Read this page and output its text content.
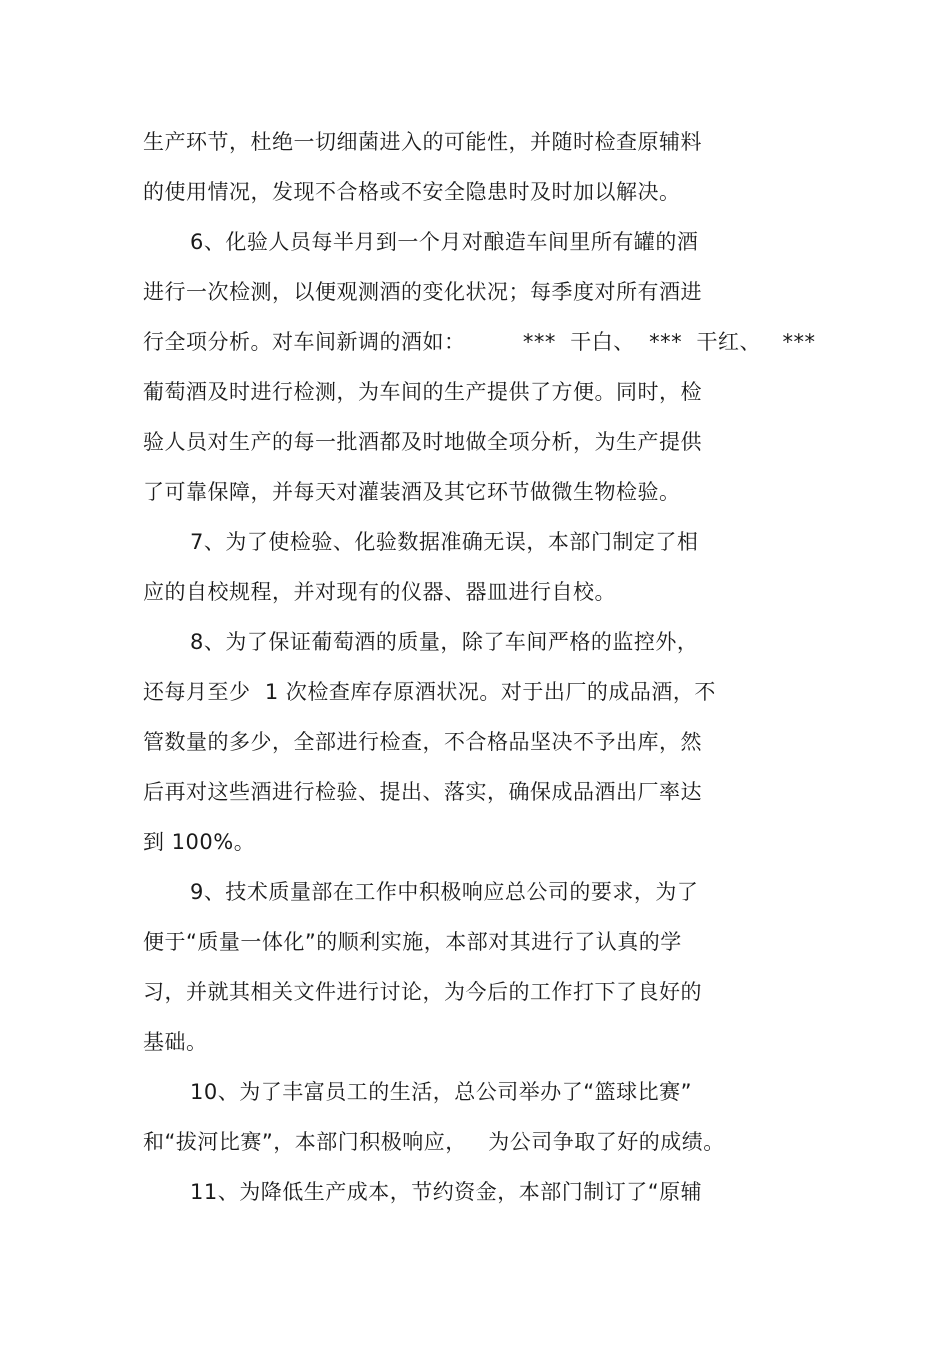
生产环节，杜绝一切细菌进入的可能性，并随时检查原辅料
的使用情况，发现不合格或不安全隐患时及时加以解决。
6、化验人员每半月到一个月对酿造车间里所有罐的酒
进行一次检测，以便观测酒的变化状况；每季度对所有酒进
行全项分析。对车间新调的酒如：        ***  干白、  ***  干红、   ***
葡萄酒及时进行检测，为车间的生产提供了方便。同时，检
验人员对生产的每一批酒都及时地做全项分析，为生产提供
了可靠保障，并每天对灌装酒及其它环节做微生物检验。
7、为了使检验、化验数据准确无误，本部门制定了相
应的自校规程，并对现有的仪器、器皿进行自校。
8、为了保证葡萄酒的质量，除了车间严格的监控外，
还每月至少  1 次检查库存原酒状况。对于出厂的成品酒，不
管数量的多少，全部进行检查，不合格品坚决不予出库，然
后再对这些酒进行检验、提出、落实，确保成品酒出厂率达
到 100%。
9、技术质量部在工作中积极响应总公司的要求，为了
便于“质量一体化”的顺利实施，本部对其进行了认真的学
习，并就其相关文件进行讨论，为今后的工作打下了良好的
基础。
10、为了丰富员工的生活，总公司举办了“篮球比赛”
和“拔河比赛”，本部门积极响应，   为公司争取了好的成绩。
11、为降低生产成本，节约资金，本部门制订了“原辅
